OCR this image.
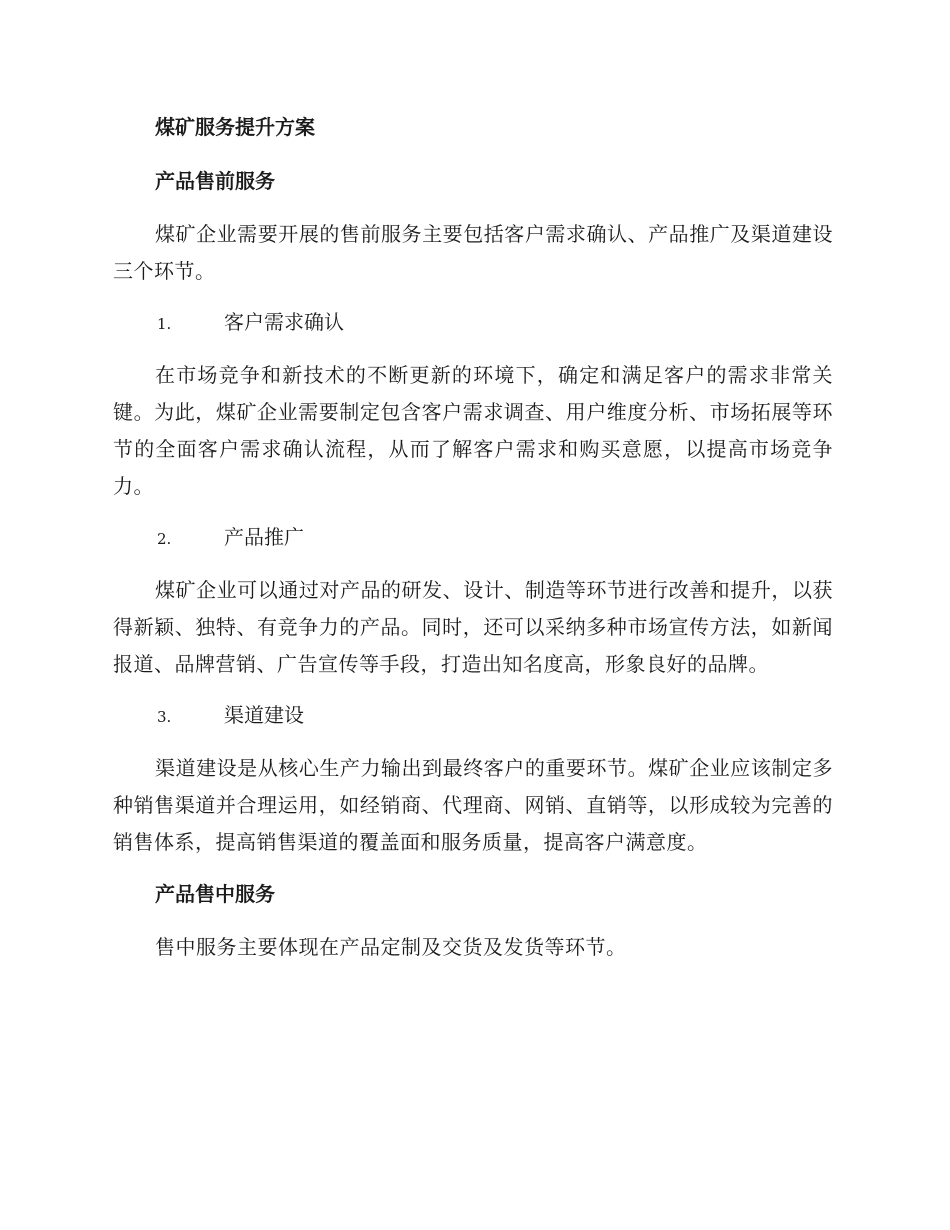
煤矿服务提升方案
产品售前服务

煤矿企业需要开展的售前服务主要包括客户需求确认、产品推广及渠道建设三个环节。

1.	客户需求确认

在市场竞争和新技术的不断更新的环境下，确定和满足客户的需求非常关键。为此，煤矿企业需要制定包含客户需求调查、用户维度分析、市场拓展等环节的全面客户需求确认流程，从而了解客户需求和购买意愿，以提高市场竞争力。

2.	产品推广

煤矿企业可以通过对产品的研发、设计、制造等环节进行改善和提升，以获得新颖、独特、有竞争力的产品。同时，还可以采纳多种市场宣传方法，如新闻报道、品牌营销、广告宣传等手段，打造出知名度高，形象良好的品牌。

3.	渠道建设

渠道建设是从核心生产力输出到最终客户的重要环节。煤矿企业应该制定多种销售渠道并合理运用，如经销商、代理商、网销、直销等，以形成较为完善的销售体系，提高销售渠道的覆盖面和服务质量，提高客户满意度。

产品售中服务

售中服务主要体现在产品定制及交货及发货等环节。
